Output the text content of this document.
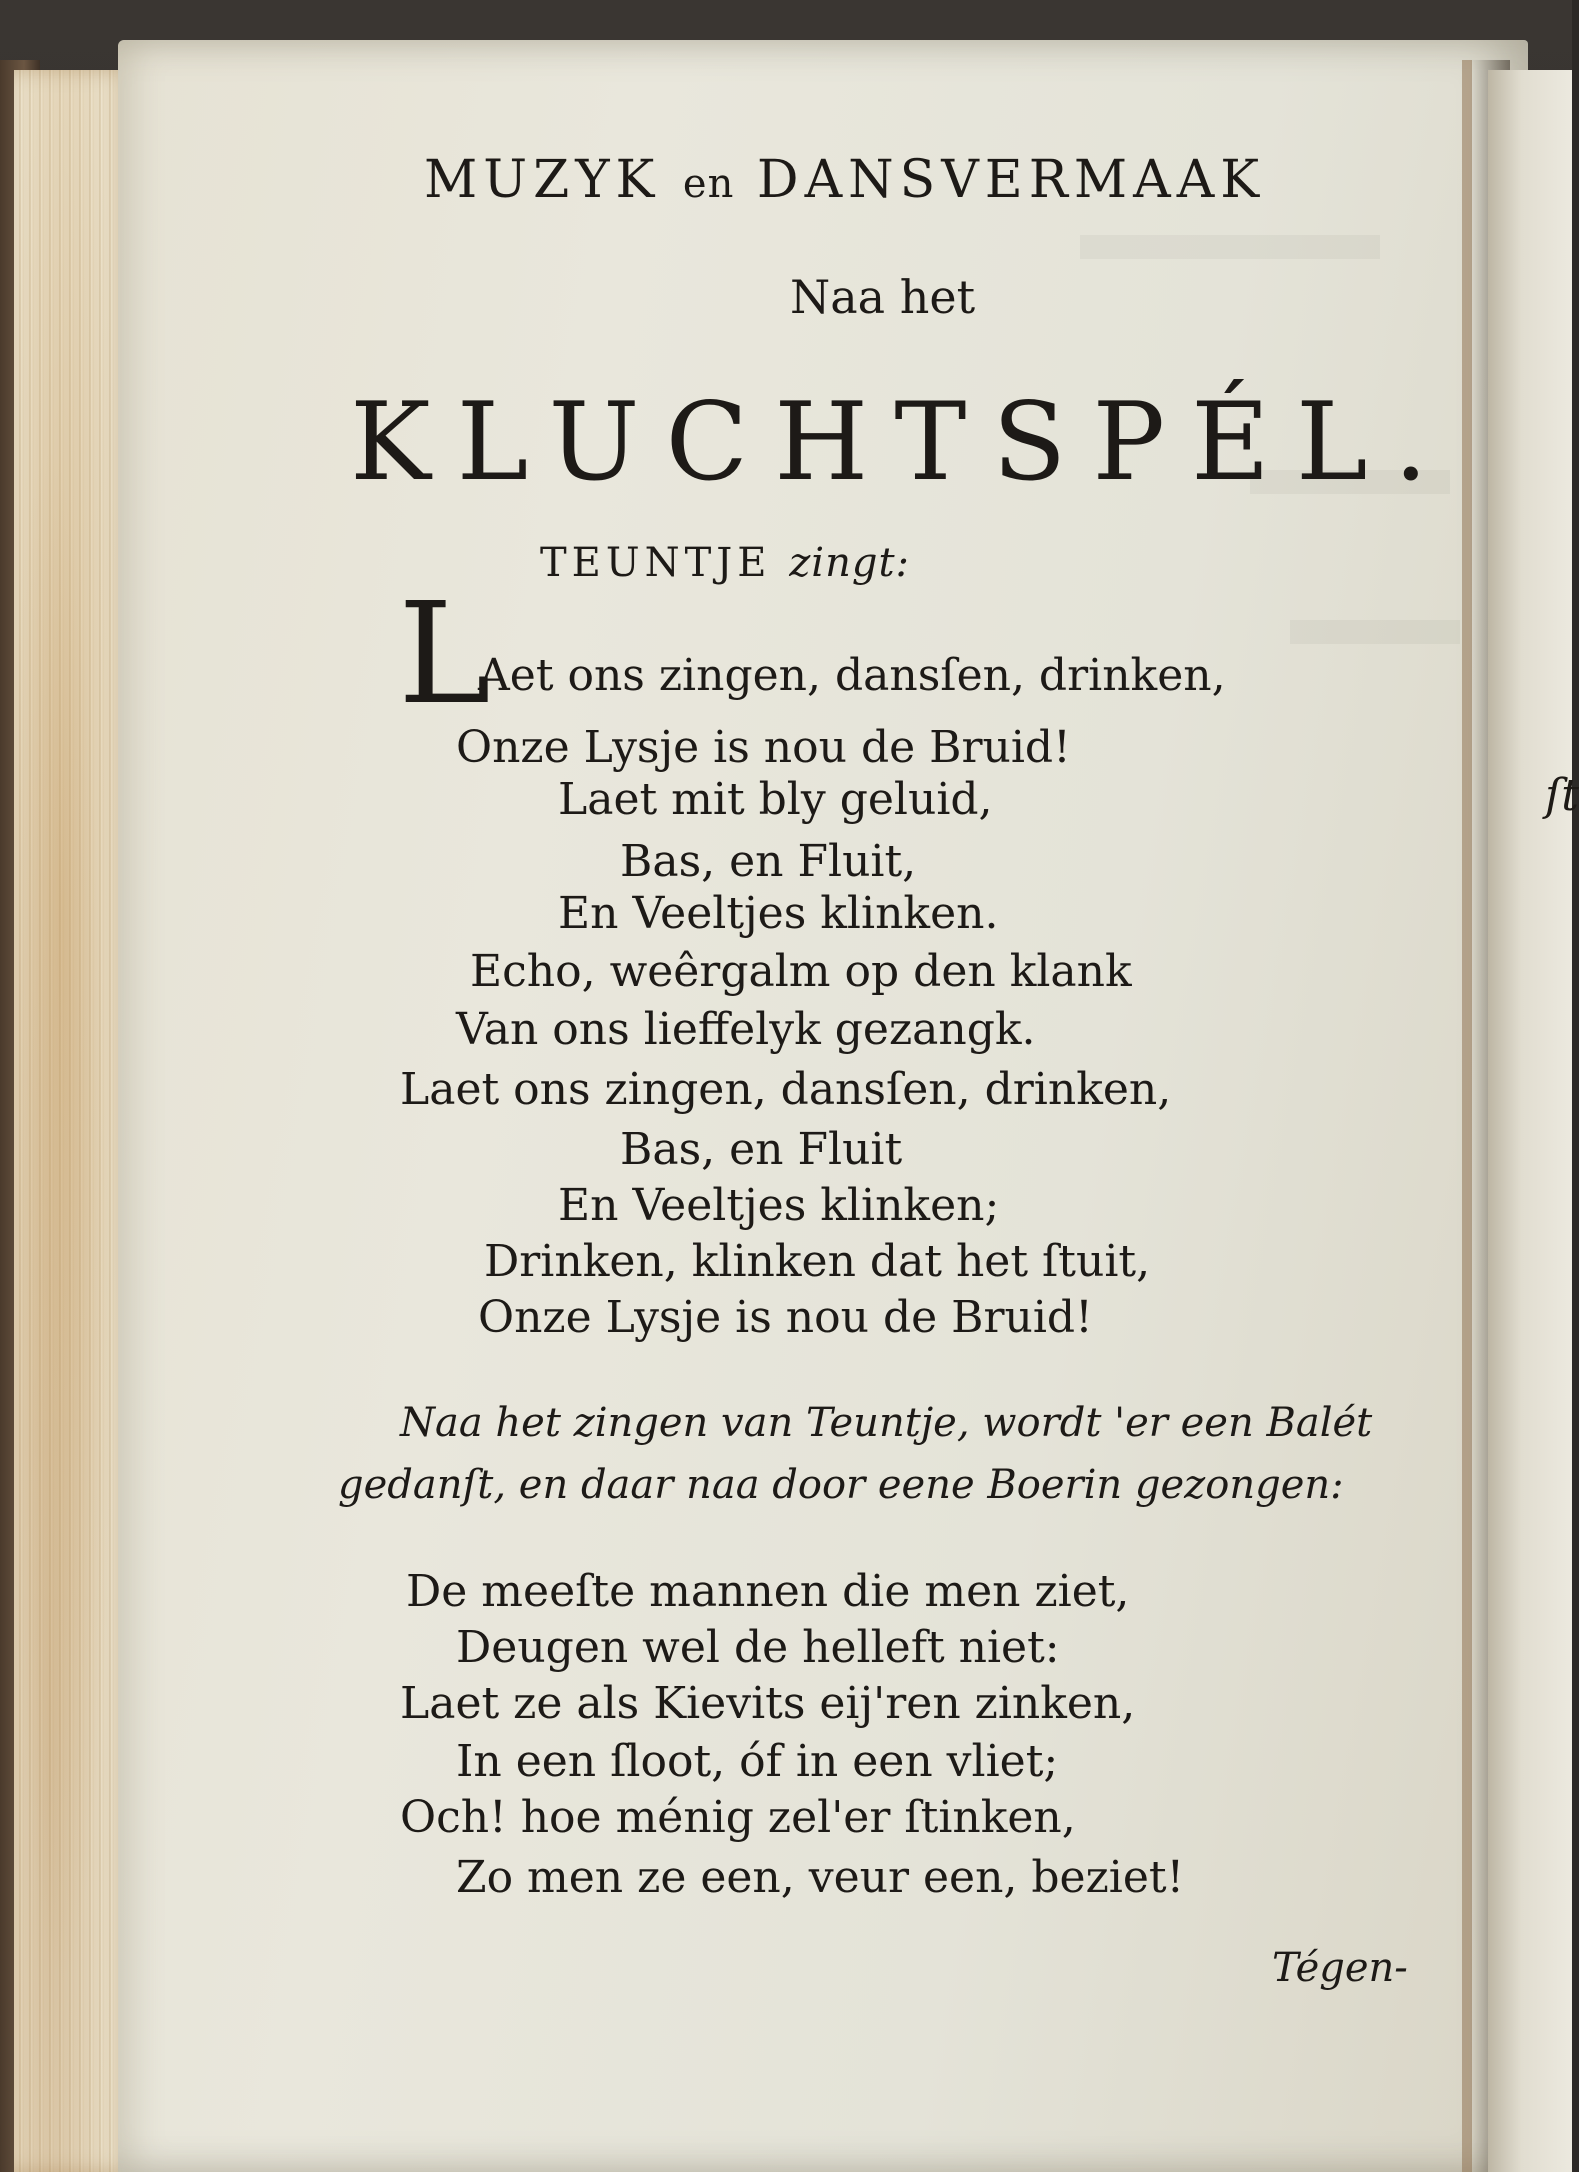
ſt
MUZYK en DANSVERMAAK
Naa het
KLUCHTSPÉL.
TEUNTJE zingt:
L
Aet ons zingen, dansſen, drinken,
Onze Lysje is nou de Bruid!
Laet mit bly geluid,
Bas, en Fluit,
En Veeltjes klinken.
Echo, weêrgalm op den klank
Van ons lieffelyk gezangk.
Laet ons zingen, dansſen, drinken,
Bas, en Fluit
En Veeltjes klinken;
Drinken, klinken dat het ſtuit,
Onze Lysje is nou de Bruid!
Naa het zingen van Teuntje, wordt 'er een Balét
gedanſt, en daar naa door eene Boerin gezongen:
De meeſte mannen die men ziet,
Deugen wel de helleft niet:
Laet ze als Kievits eij'ren zinken,
In een ſloot, óf in een vliet;
Och! hoe ménig zel'er ſtinken,
Zo men ze een, veur een, beziet!
Tégen-
